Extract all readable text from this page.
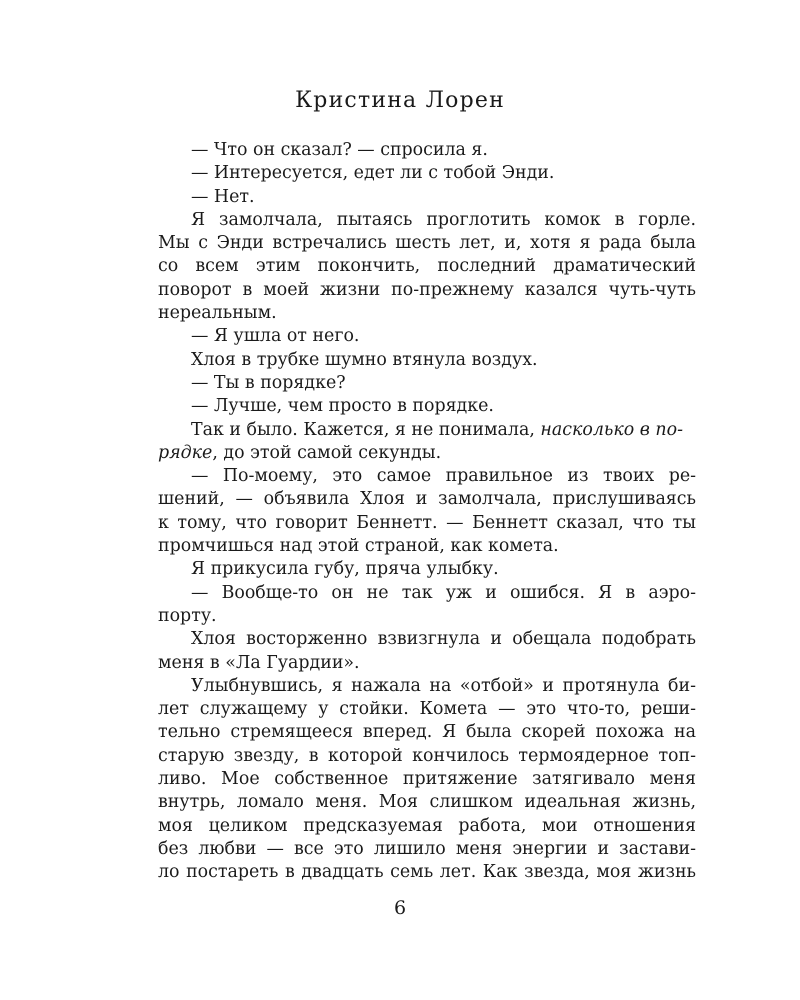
Кристина Лорен
— Что он сказал? — спросила я.
— Интересуется, едет ли с тобой Энди.
— Нет.
Я замолчала, пытаясь проглотить комок в горле.
Мы с Энди встречались шесть лет, и, хотя я рада была
со всем этим покончить, последний драматический
поворот в моей жизни по-прежнему казался чуть-чуть
нереальным.
— Я ушла от него.
Хлоя в трубке шумно втянула воздух.
— Ты в порядке?
— Лучше, чем просто в порядке.
Так и было. Кажется, я не понимала, насколько в по-
рядке, до этой самой секунды.
— По-моему, это самое правильное из твоих ре-
шений, — объявила Хлоя и замолчала, прислушиваясь
к тому, что говорит Беннетт. — Беннетт сказал, что ты
промчишься над этой страной, как комета.
Я прикусила губу, пряча улыбку.
— Вообще-то он не так уж и ошибся. Я в аэро-
порту.
Хлоя восторженно взвизгнула и обещала подобрать
меня в «Ла Гуардии».
Улыбнувшись, я нажала на «отбой» и протянула би-
лет служащему у стойки. Комета — это что-то, реши-
тельно стремящееся вперед. Я была скорей похожа на
старую звезду, в которой кончилось термоядерное топ-
ливо. Мое собственное притяжение затягивало меня
внутрь, ломало меня. Моя слишком идеальная жизнь,
моя целиком предсказуемая работа, мои отношения
без любви — все это лишило меня энергии и застави-
ло постареть в двадцать семь лет. Как звезда, моя жизнь
6
